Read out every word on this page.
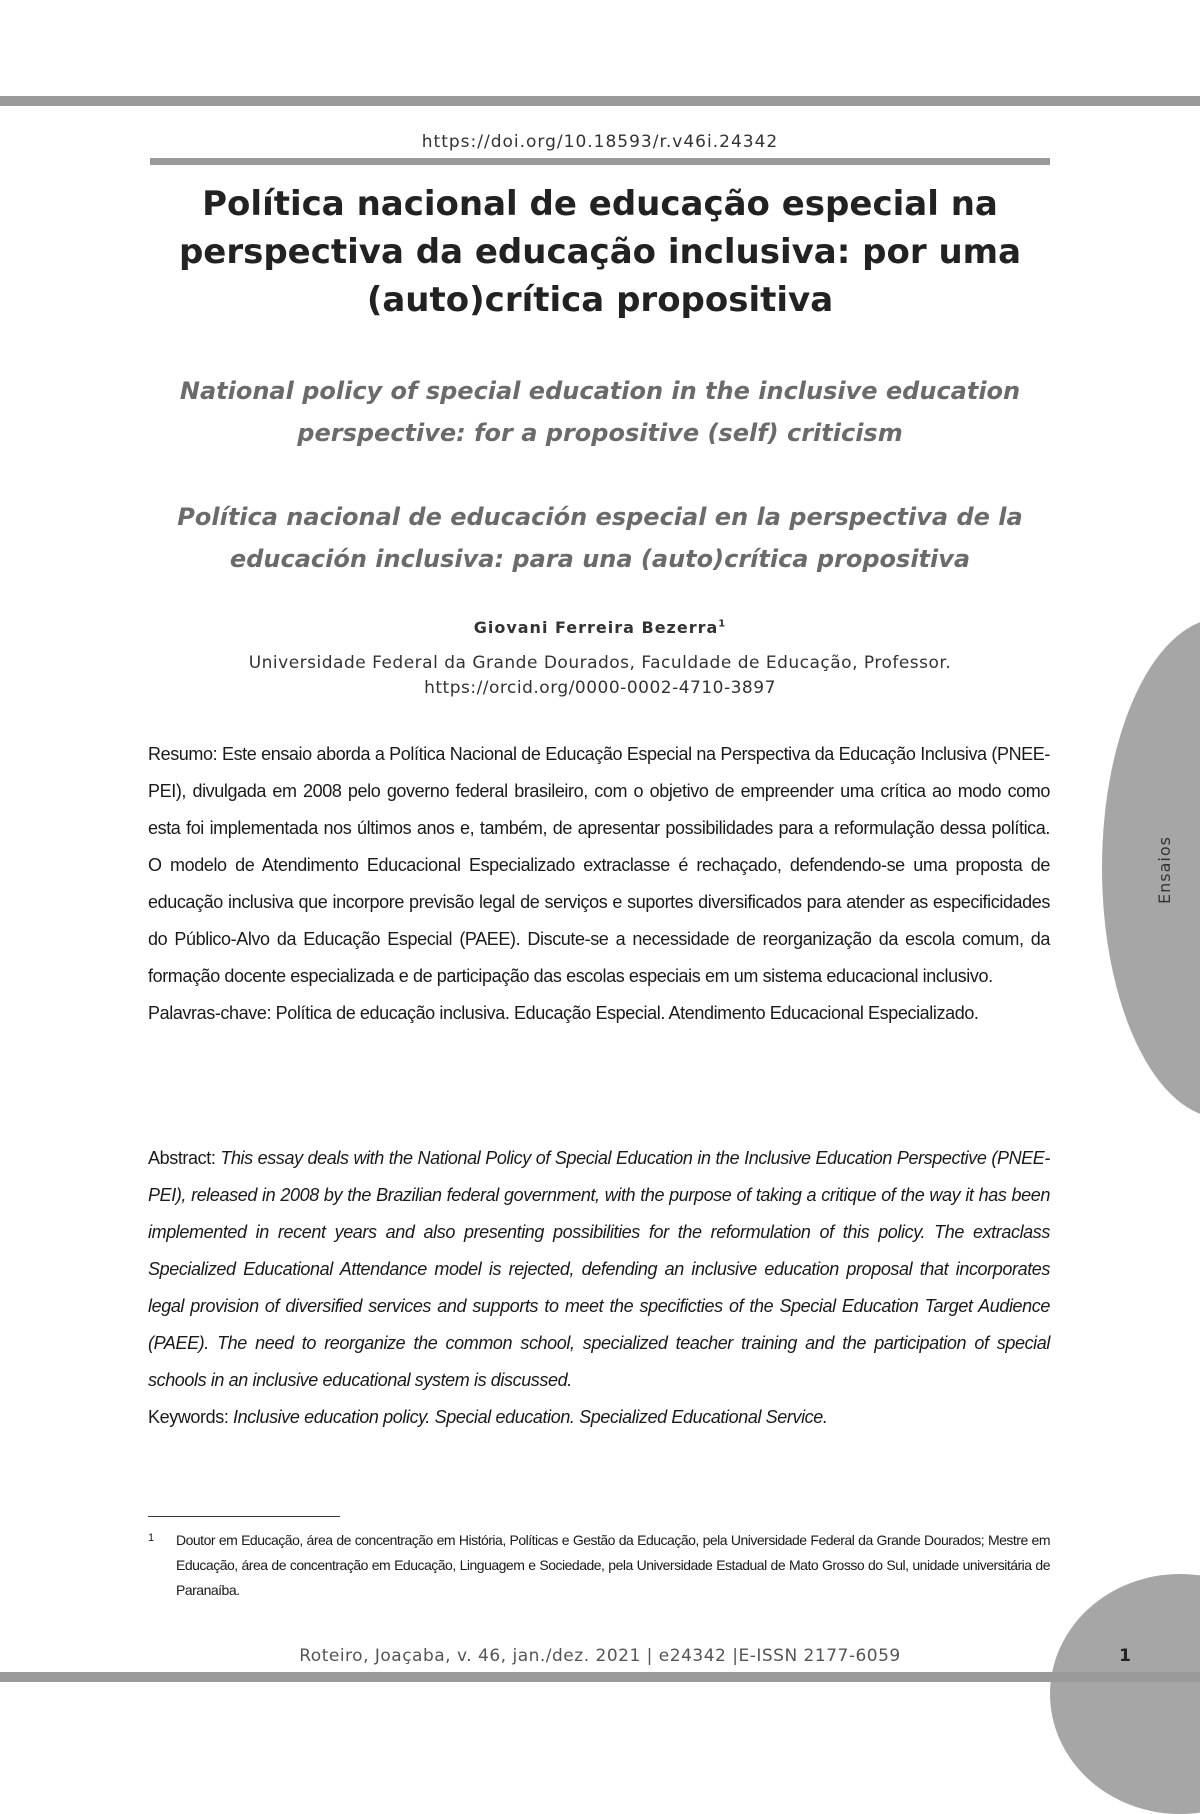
https://doi.org/10.18593/r.v46i.24342
Política nacional de educação especial na perspectiva da educação inclusiva: por uma (auto)crítica propositiva
National policy of special education in the inclusive education perspective: for a propositive (self) criticism
Política nacional de educación especial en la perspectiva de la educación inclusiva: para una (auto)crítica propositiva
Giovani Ferreira Bezerra$^1$
Universidade Federal da Grande Dourados, Faculdade de Educação, Professor.
https://orcid.org/0000-0002-4710-3897

Resumo: Este ensaio aborda a Política Nacional de Educação Especial na Perspectiva da Educação Inclusiva (PNEE-PEI), divulgada em 2008 pelo governo federal brasileiro, com o objetivo de empreender uma crítica ao modo como esta foi implementada nos últimos anos e, também, de apresentar possibilidades para a reformulação dessa política. O modelo de Atendimento Educacional Especializado extraclasse é rechaçado, defendendo-se uma proposta de educação inclusiva que incorpore previsão legal de serviços e suportes diversificados para atender as especificidades do Público-Alvo da Educação Especial (PAEE). Discute-se a necessidade de reorganização da escola comum, da formação docente especializada e de participação das escolas especiais em um sistema educacional inclusivo.

Palavras-chave: Política de educação inclusiva. Educação Especial. Atendimento Educacional Especializado.

Abstract: This essay deals with the National Policy of Special Education in the Inclusive Education Perspective (PNEE-PEI), released in 2008 by the Brazilian federal government, with the purpose of taking a critique of the way it has been implemented in recent years and also presenting possibilities for the reformulation of this policy. The extraclass Specialized Educational Attendance model is rejected, defending an inclusive education proposal that incorporates legal provision of diversified services and supports to meet the specificties of the Special Education Target Audience (PAEE). The need to reorganize the common school, specialized teacher training and the participation of special schools in an inclusive educational system is discussed.

Keywords: Inclusive education policy. Special education. Specialized Educational Service.

1 Doutor em Educação, área de concentração em História, Políticas e Gestão da Educação, pela Universidade Federal da Grande Dourados; Mestre em Educação, área de concentração em Educação, Linguagem e Sociedade, pela Universidade Estadual de Mato Grosso do Sul, unidade universitária de Paranaíba.
Ensaios
Roteiro, Joaçaba, v. 46, jan./dez. 2021 | e24342 |E-ISSN 2177-6059	1
